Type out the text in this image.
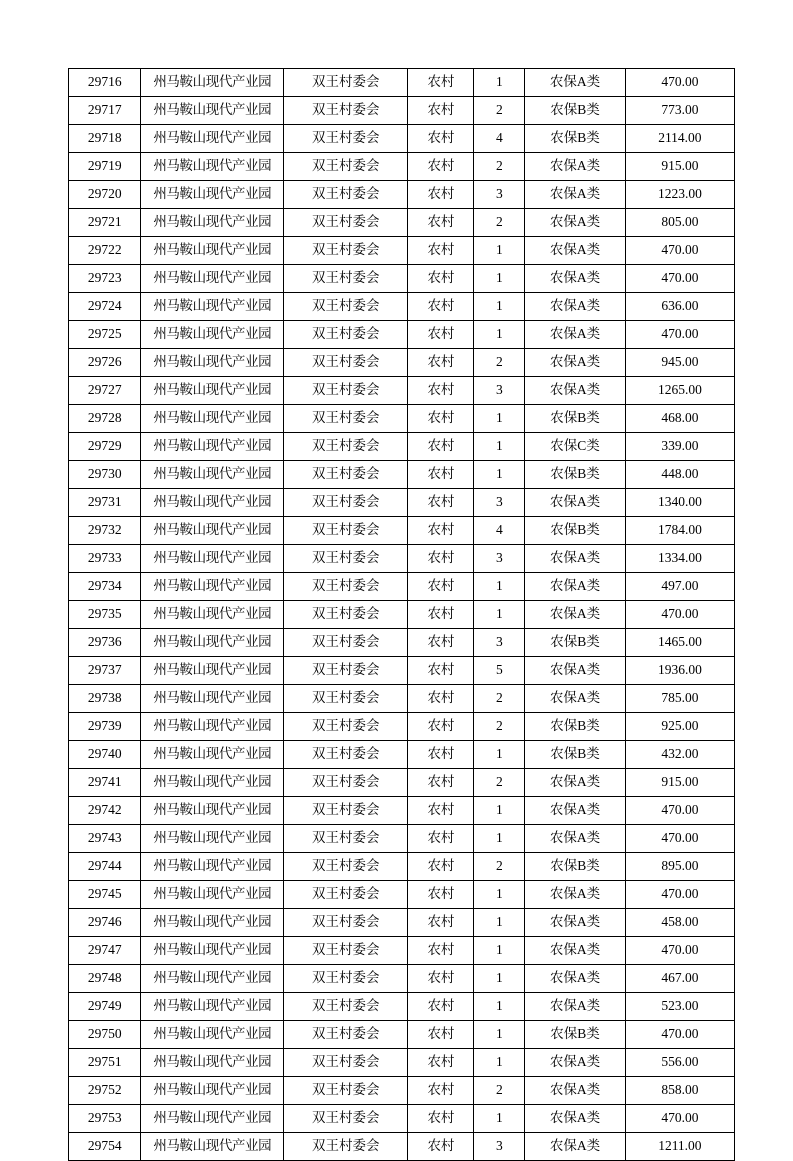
29716	州马鞍山现代产业园	双王村委会	农村	1	农保A类	470.00
29717	州马鞍山现代产业园	双王村委会	农村	2	农保B类	773.00
29718	州马鞍山现代产业园	双王村委会	农村	4	农保B类	2114.00
29719	州马鞍山现代产业园	双王村委会	农村	2	农保A类	915.00
29720	州马鞍山现代产业园	双王村委会	农村	3	农保A类	1223.00
29721	州马鞍山现代产业园	双王村委会	农村	2	农保A类	805.00
29722	州马鞍山现代产业园	双王村委会	农村	1	农保A类	470.00
29723	州马鞍山现代产业园	双王村委会	农村	1	农保A类	470.00
29724	州马鞍山现代产业园	双王村委会	农村	1	农保A类	636.00
29725	州马鞍山现代产业园	双王村委会	农村	1	农保A类	470.00
29726	州马鞍山现代产业园	双王村委会	农村	2	农保A类	945.00
29727	州马鞍山现代产业园	双王村委会	农村	3	农保A类	1265.00
29728	州马鞍山现代产业园	双王村委会	农村	1	农保B类	468.00
29729	州马鞍山现代产业园	双王村委会	农村	1	农保C类	339.00
29730	州马鞍山现代产业园	双王村委会	农村	1	农保B类	448.00
29731	州马鞍山现代产业园	双王村委会	农村	3	农保A类	1340.00
29732	州马鞍山现代产业园	双王村委会	农村	4	农保B类	1784.00
29733	州马鞍山现代产业园	双王村委会	农村	3	农保A类	1334.00
29734	州马鞍山现代产业园	双王村委会	农村	1	农保A类	497.00
29735	州马鞍山现代产业园	双王村委会	农村	1	农保A类	470.00
29736	州马鞍山现代产业园	双王村委会	农村	3	农保B类	1465.00
29737	州马鞍山现代产业园	双王村委会	农村	5	农保A类	1936.00
29738	州马鞍山现代产业园	双王村委会	农村	2	农保A类	785.00
29739	州马鞍山现代产业园	双王村委会	农村	2	农保B类	925.00
29740	州马鞍山现代产业园	双王村委会	农村	1	农保B类	432.00
29741	州马鞍山现代产业园	双王村委会	农村	2	农保A类	915.00
29742	州马鞍山现代产业园	双王村委会	农村	1	农保A类	470.00
29743	州马鞍山现代产业园	双王村委会	农村	1	农保A类	470.00
29744	州马鞍山现代产业园	双王村委会	农村	2	农保B类	895.00
29745	州马鞍山现代产业园	双王村委会	农村	1	农保A类	470.00
29746	州马鞍山现代产业园	双王村委会	农村	1	农保A类	458.00
29747	州马鞍山现代产业园	双王村委会	农村	1	农保A类	470.00
29748	州马鞍山现代产业园	双王村委会	农村	1	农保A类	467.00
29749	州马鞍山现代产业园	双王村委会	农村	1	农保A类	523.00
29750	州马鞍山现代产业园	双王村委会	农村	1	农保B类	470.00
29751	州马鞍山现代产业园	双王村委会	农村	1	农保A类	556.00
29752	州马鞍山现代产业园	双王村委会	农村	2	农保A类	858.00
29753	州马鞍山现代产业园	双王村委会	农村	1	农保A类	470.00
29754	州马鞍山现代产业园	双王村委会	农村	3	农保A类	1211.00
